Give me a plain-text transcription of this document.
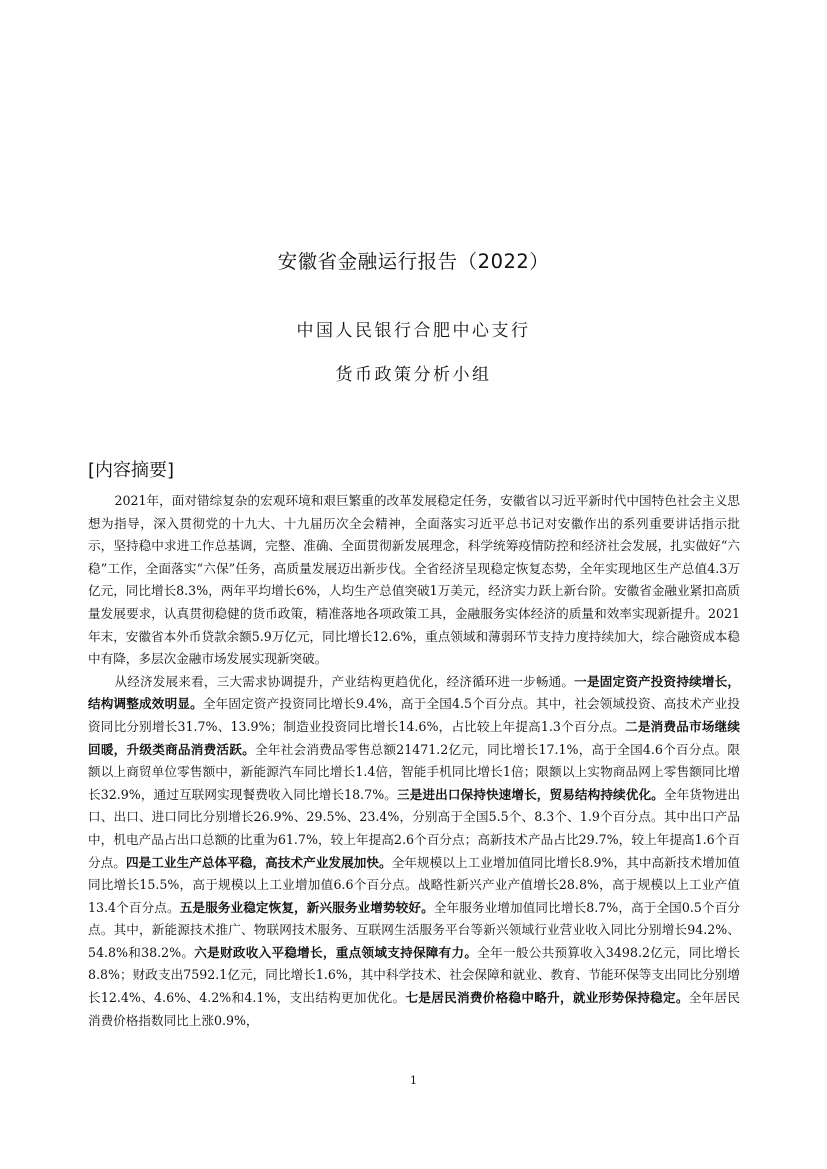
安徽省金融运行报告（2022）
中国人民银行合肥中心支行
货币政策分析小组
[内容摘要]

2021年，面对错综复杂的宏观环境和艰巨繁重的改革发展稳定任务，安徽省以习近平新时代中国特色社会主义思想为指导，深入贯彻党的十九大、十九届历次全会精神，全面落实习近平总书记对安徽作出的系列重要讲话指示批示，坚持稳中求进工作总基调，完整、准确、全面贯彻新发展理念，科学统筹疫情防控和经济社会发展，扎实做好“六稳”工作，全面落实“六保”任务，高质量发展迈出新步伐。全省经济呈现稳定恢复态势，全年实现地区生产总值4.3万亿元，同比增长8.3%，两年平均增长6%，人均生产总值突破1万美元，经济实力跃上新台阶。安徽省金融业紧扣高质量发展要求，认真贯彻稳健的货币政策，精准落地各项政策工具，金融服务实体经济的质量和效率实现新提升。2021年末，安徽省本外币贷款余额5.9万亿元，同比增长12.6%，重点领域和薄弱环节支持力度持续加大，综合融资成本稳中有降，多层次金融市场发展实现新突破。

从经济发展来看，三大需求协调提升，产业结构更趋优化，经济循环进一步畅通。一是固定资产投资持续增长，结构调整成效明显。全年固定资产投资同比增长9.4%，高于全国4.5个百分点。其中，社会领域投资、高技术产业投资同比分别增长31.7%、13.9%；制造业投资同比增长14.6%，占比较上年提高1.3个百分点。二是消费品市场继续回暖，升级类商品消费活跃。全年社会消费品零售总额21471.2亿元，同比增长17.1%，高于全国4.6个百分点。限额以上商贸单位零售额中，新能源汽车同比增长1.4倍，智能手机同比增长1倍；限额以上实物商品网上零售额同比增长32.9%，通过互联网实现餐费收入同比增长18.7%。三是进出口保持快速增长，贸易结构持续优化。全年货物进出口、出口、进口同比分别增长26.9%、29.5%、23.4%，分别高于全国5.5个、8.3个、1.9个百分点。其中出口产品中，机电产品占出口总额的比重为61.7%，较上年提高2.6个百分点；高新技术产品占比29.7%，较上年提高1.6个百分点。四是工业生产总体平稳，高技术产业发展加快。全年规模以上工业增加值同比增长8.9%，其中高新技术增加值同比增长15.5%，高于规模以上工业增加值6.6个百分点。战略性新兴产业产值增长28.8%，高于规模以上工业产值13.4个百分点。五是服务业稳定恢复，新兴服务业增势较好。全年服务业增加值同比增长8.7%，高于全国0.5个百分点。其中，新能源技术推广、物联网技术服务、互联网生活服务平台等新兴领域行业营业收入同比分别增长94.2%、54.8%和38.2%。六是财政收入平稳增长，重点领域支持保障有力。全年一般公共预算收入3498.2亿元，同比增长8.8%；财政支出7592.1亿元，同比增长1.6%，其中科学技术、社会保障和就业、教育、节能环保等支出同比分别增长12.4%、4.6%、4.2%和4.1%，支出结构更加优化。七是居民消费价格稳中略升，就业形势保持稳定。全年居民消费价格指数同比上涨0.9%，

1
